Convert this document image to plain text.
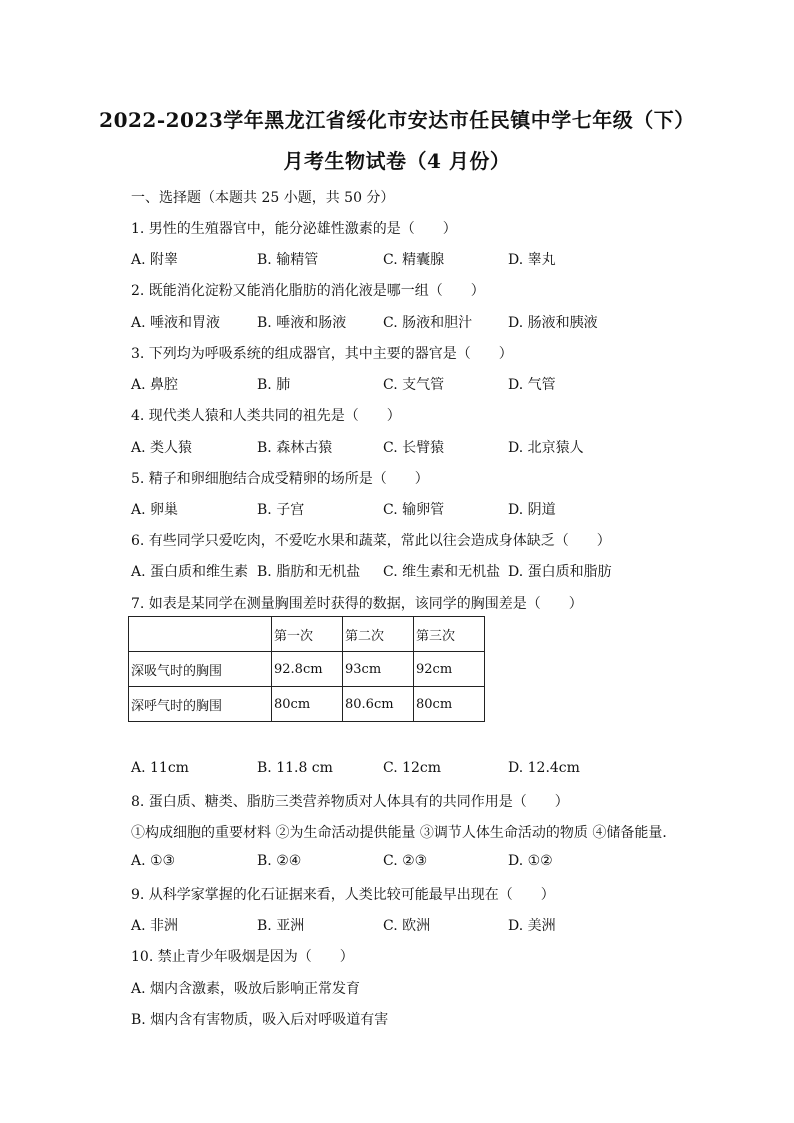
2022-2023学年黑龙江省绥化市安达市任民镇中学七年级（下）
月考生物试卷（4 月份）
一、选择题（本题共 25 小题，共 50 分）
1. 男性的生殖器官中，能分泌雄性激素的是（　　）
A. 附睾	B. 输精管	C. 精囊腺	D. 睾丸
2. 既能消化淀粉又能消化脂肪的消化液是哪一组（　　）
A. 唾液和胃液	B. 唾液和肠液	C. 肠液和胆汁	D. 肠液和胰液
3. 下列均为呼吸系统的组成器官，其中主要的器官是（　　）
A. 鼻腔	B. 肺	C. 支气管	D. 气管
4. 现代类人猿和人类共同的祖先是（　　）
A. 类人猿	B. 森林古猿	C. 长臂猿	D. 北京猿人
5. 精子和卵细胞结合成受精卵的场所是（　　）
A. 卵巢	B. 子宫	C. 输卵管	D. 阴道
6. 有些同学只爱吃肉，不爱吃水果和蔬菜，常此以往会造成身体缺乏（　　）
A. 蛋白质和维生素 B. 脂肪和无机盐 C. 维生素和无机盐 D. 蛋白质和脂肪
7. 如表是某同学在测量胸围差时获得的数据，该同学的胸围差是（　　）
	第一次	第二次	第三次
深吸气时的胸围	92.8cm	93cm	92cm
深呼气时的胸围	80cm	80.6cm	80cm
A. 11cm	B. 11.8 cm	C. 12cm	D. 12.4cm
8. 蛋白质、糖类、脂肪三类营养物质对人体具有的共同作用是（　　）
①构成细胞的重要材料 ②为生命活动提供能量 ③调节人体生命活动的物质 ④储备能量．
A. ①③	B. ②④	C. ②③	D. ①②
9. 从科学家掌握的化石证据来看，人类比较可能最早出现在（　　）
A. 非洲	B. 亚洲	C. 欧洲	D. 美洲
10. 禁止青少年吸烟是因为（　　）
A. 烟内含激素，吸放后影响正常发育
B. 烟内含有害物质，吸入后对呼吸道有害
